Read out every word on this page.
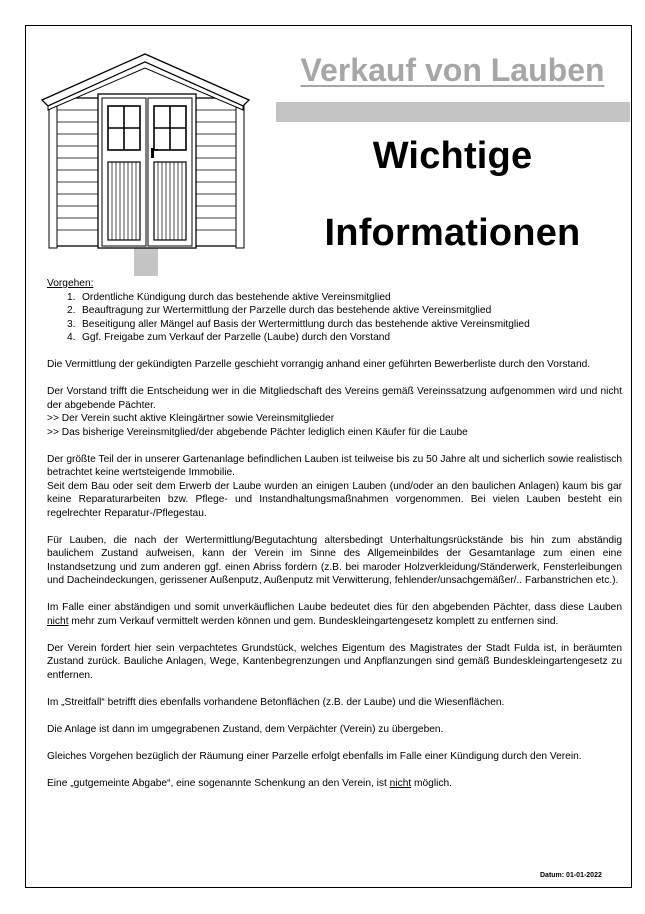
Verkauf von Lauben
Wichtige
Informationen
Vorgehen:
1. Ordentliche Kündigung durch das bestehende aktive Vereinsmitglied
2. Beauftragung zur Wertermittlung der Parzelle durch das bestehende aktive Vereinsmitglied
3. Beseitigung aller Mängel auf Basis der Wertermittlung durch das bestehende aktive Vereinsmitglied
4. Ggf. Freigabe zum Verkauf der Parzelle (Laube) durch den Vorstand

Die Vermittlung der gekündigten Parzelle geschieht vorrangig anhand einer geführten Bewerberliste durch den Vorstand.

Der Vorstand trifft die Entscheidung wer in die Mitgliedschaft des Vereins gemäß Vereinssatzung aufgenommen wird und nicht der abgebende Pächter.

>> Der Verein sucht aktive Kleingärtner sowie Vereinsmitglieder

>> Das bisherige Vereinsmitglied/der abgebende Pächter lediglich einen Käufer für die Laube

Der größte Teil der in unserer Gartenanlage befindlichen Lauben ist teilweise bis zu 50 Jahre alt und sicherlich sowie realistisch betrachtet keine wertsteigende Immobilie.

Seit dem Bau oder seit dem Erwerb der Laube wurden an einigen Lauben (und/oder an den baulichen Anlagen) kaum bis gar keine Reparaturarbeiten bzw. Pflege- und Instandhaltungsmaßnahmen vorgenommen. Bei vielen Lauben besteht ein regelrechter Reparatur-/Pflegestau.

Für Lauben, die nach der Wertermittlung/Begutachtung altersbedingt Unterhaltungsrückstände bis hin zum abständig baulichem Zustand aufweisen, kann der Verein im Sinne des Allgemeinbildes der Gesamtanlage zum einen eine Instandsetzung und zum anderen ggf. einen Abriss fordern (z.B. bei maroder Holzverkleidung/Ständerwerk, Fensterleibungen und Dacheindeckungen, gerissener Außenputz, Außenputz mit Verwitterung, fehlender/unsachgemäßer/.. Farbanstrichen etc.).

Im Falle einer abständigen und somit unverkäuflichen Laube bedeutet dies für den abgebenden Pächter, dass diese Lauben nicht mehr zum Verkauf vermittelt werden können und gem. Bundeskleingartengesetz komplett zu entfernen sind.

Der Verein fordert hier sein verpachtetes Grundstück, welches Eigentum des Magistrates der Stadt Fulda ist, in beräumten Zustand zurück. Bauliche Anlagen, Wege, Kantenbegrenzungen und Anpflanzungen sind gemäß Bundeskleingartengesetz zu entfernen.

Im „Streitfall“ betrifft dies ebenfalls vorhandene Betonflächen (z.B. der Laube) und die Wiesenflächen.

Die Anlage ist dann im umgegrabenen Zustand, dem Verpächter (Verein) zu übergeben.

Gleiches Vorgehen bezüglich der Räumung einer Parzelle erfolgt ebenfalls im Falle einer Kündigung durch den Verein.

Eine „gutgemeinte Abgabe“, eine sogenannte Schenkung an den Verein, ist nicht möglich.

Datum: 01-01-2022
